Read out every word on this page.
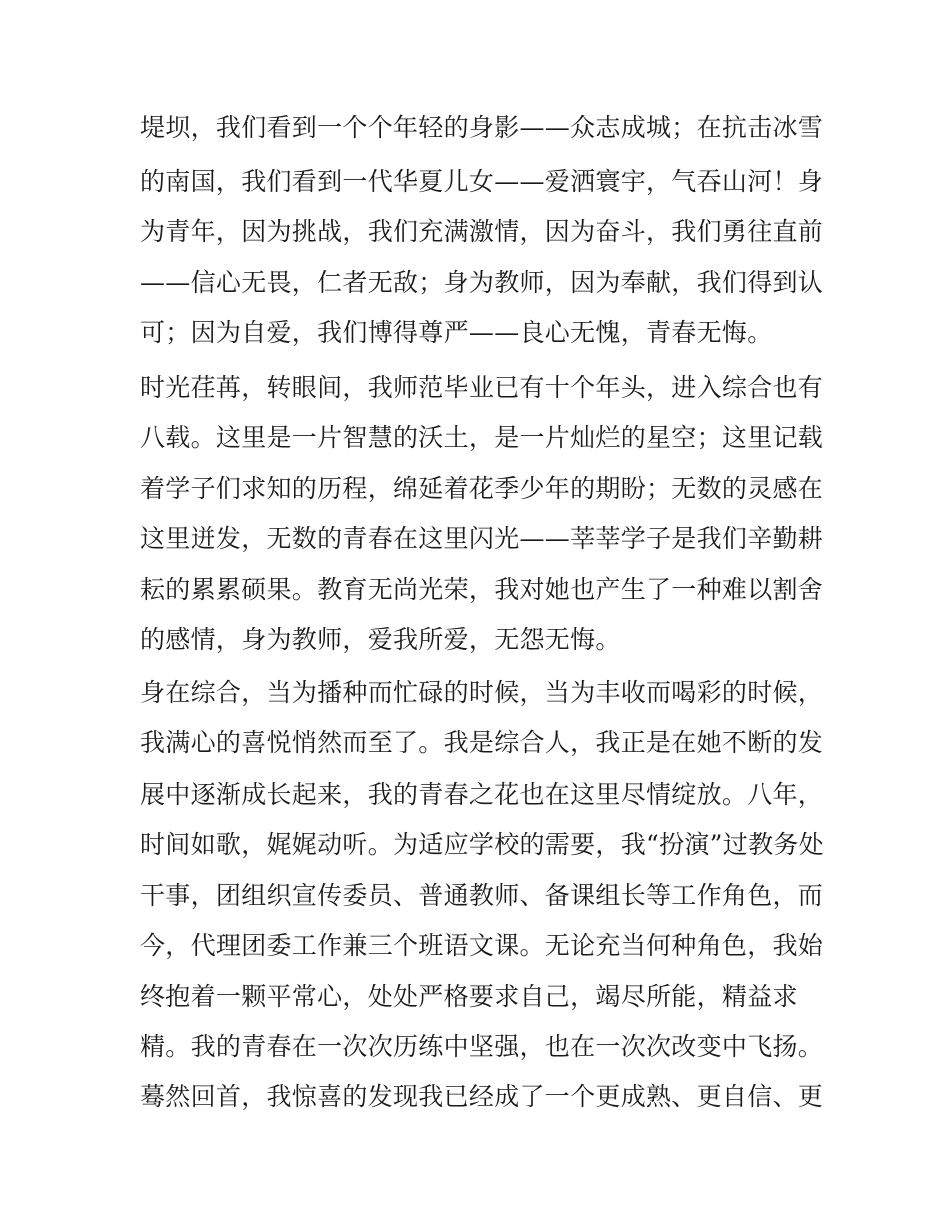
堤坝，我们看到一个个年轻的身影——众志成城；在抗击冰雪
的南国，我们看到一代华夏儿女——爱洒寰宇，气吞山河！身
为青年，因为挑战，我们充满激情，因为奋斗，我们勇往直前
——信心无畏，仁者无敌；身为教师，因为奉献，我们得到认
可；因为自爱，我们博得尊严——良心无愧，青春无悔。
时光荏苒，转眼间，我师范毕业已有十个年头，进入综合也有
八载。这里是一片智慧的沃土，是一片灿烂的星空；这里记载
着学子们求知的历程，绵延着花季少年的期盼；无数的灵感在
这里迸发，无数的青春在这里闪光——莘莘学子是我们辛勤耕
耘的累累硕果。教育无尚光荣，我对她也产生了一种难以割舍
的感情，身为教师，爱我所爱，无怨无悔。
身在综合，当为播种而忙碌的时候，当为丰收而喝彩的时候，
我满心的喜悦悄然而至了。我是综合人，我正是在她不断的发
展中逐渐成长起来，我的青春之花也在这里尽情绽放。八年，
时间如歌，娓娓动听。为适应学校的需要，我“扮演”过教务处
干事，团组织宣传委员、普通教师、备课组长等工作角色，而
今，代理团委工作兼三个班语文课。无论充当何种角色，我始
终抱着一颗平常心，处处严格要求自己，竭尽所能，精益求
精。我的青春在一次次历练中坚强，也在一次次改变中飞扬。
蓦然回首，我惊喜的发现我已经成了一个更成熟、更自信、更
